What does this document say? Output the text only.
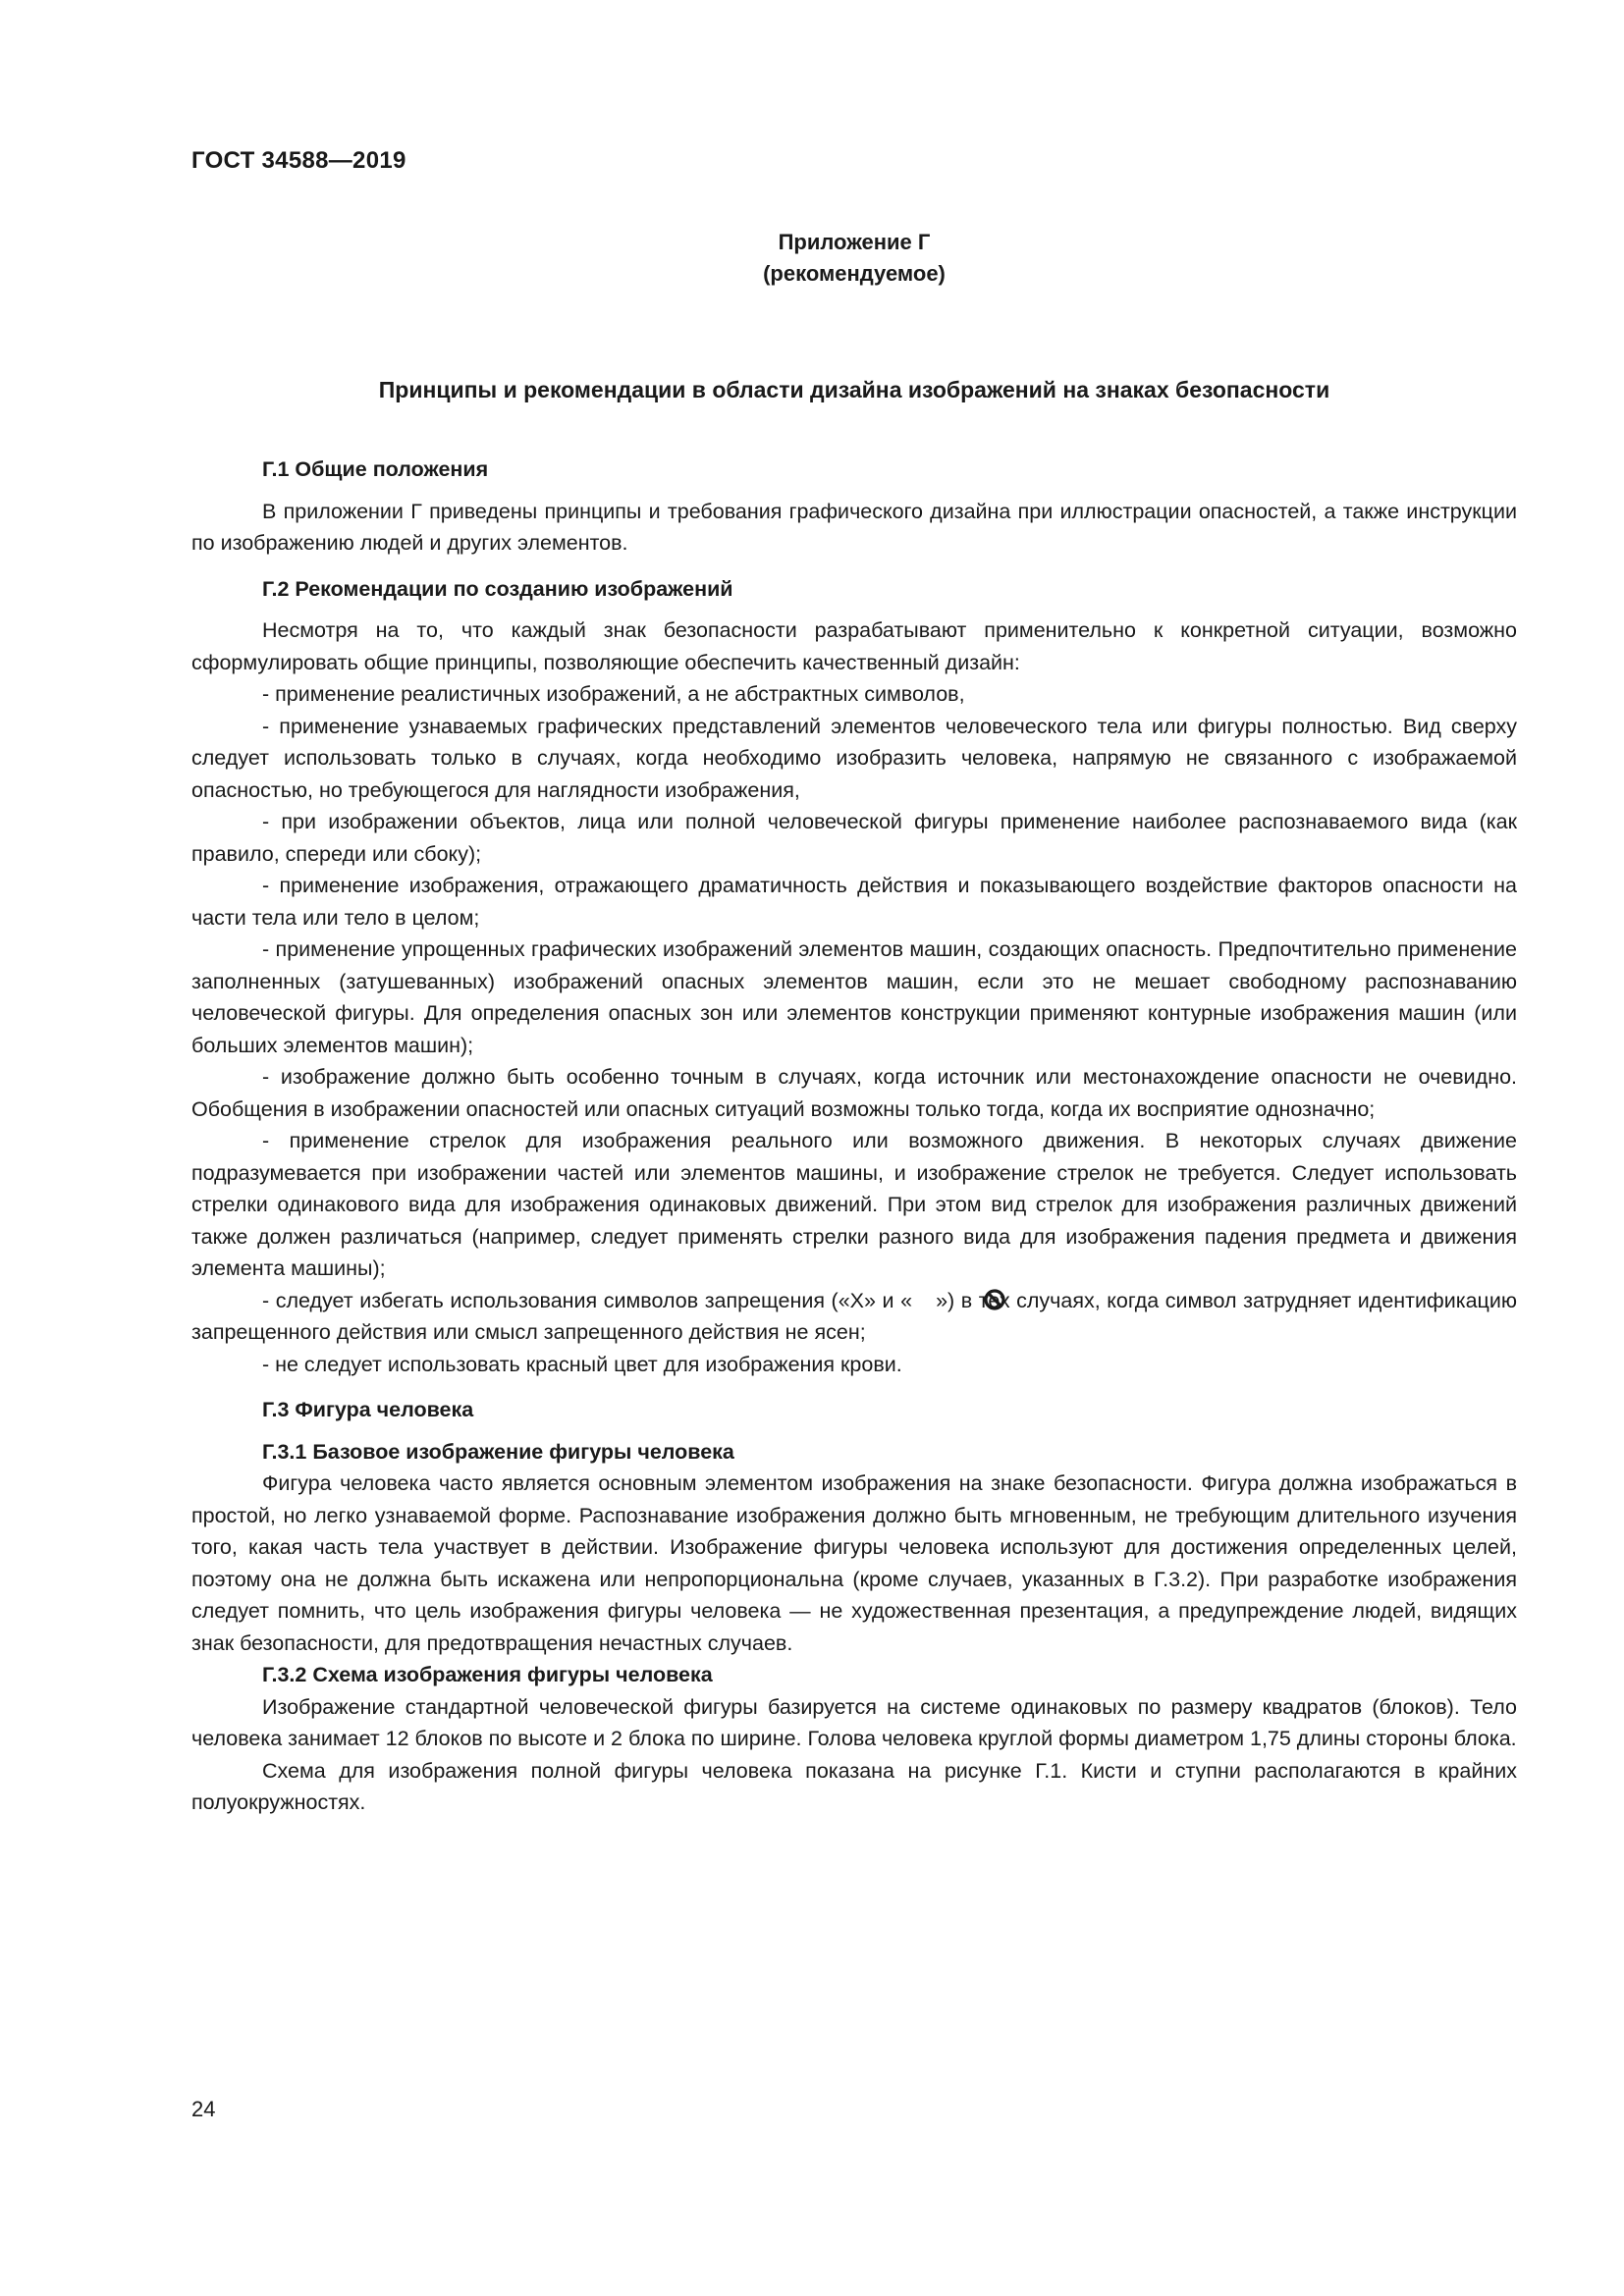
ГОСТ 34588—2019
Приложение Г
(рекомендуемое)
Принципы и рекомендации в области дизайна изображений на знаках безопасности

Г.1 Общие положения

В приложении Г приведены принципы и требования графического дизайна при иллюстрации опасностей, а также инструкции по изображению людей и других элементов.

Г.2 Рекомендации по созданию изображений

Несмотря на то, что каждый знак безопасности разрабатывают применительно к конкретной ситуации, возможно сформулировать общие принципы, позволяющие обеспечить качественный дизайн:

- применение реалистичных изображений, а не абстрактных символов,

- применение узнаваемых графических представлений элементов человеческого тела или фигуры полностью. Вид сверху следует использовать только в случаях, когда необходимо изобразить человека, напрямую не связанного с изображаемой опасностью, но требующегося для наглядности изображения,

- при изображении объектов, лица или полной человеческой фигуры применение наиболее распознаваемого вида (как правило, спереди или сбоку);

- применение изображения, отражающего драматичность действия и показывающего воздействие факторов опасности на части тела или тело в целом;

- применение упрощенных графических изображений элементов машин, создающих опасность. Предпочтительно применение заполненных (затушеванных) изображений опасных элементов машин, если это не мешает свободному распознаванию человеческой фигуры. Для определения опасных зон или элементов конструкции применяют контурные изображения машин (или больших элементов машин);

- изображение должно быть особенно точным в случаях, когда источник или местонахождение опасности не очевидно. Обобщения в изображении опасностей или опасных ситуаций возможны только тогда, когда их восприятие однозначно;

- применение стрелок для изображения реального или возможного движения. В некоторых случаях движение подразумевается при изображении частей или элементов машины, и изображение стрелок не требуется. Следует использовать стрелки одинакового вида для изображения одинаковых движений. При этом вид стрелок для изображения различных движений также должен различаться (например, следует применять стрелки разного вида для изображения падения предмета и движения элемента машины);

- следует избегать использования символов запрещения («X» и « ») в тех случаях, когда символ затрудняет идентификацию запрещенного действия или смысл запрещенного действия не ясен;

- не следует использовать красный цвет для изображения крови.

Г.3 Фигура человека

Г.3.1 Базовое изображение фигуры человека

Фигура человека часто является основным элементом изображения на знаке безопасности. Фигура должна изображаться в простой, но легко узнаваемой форме. Распознавание изображения должно быть мгновенным, не требующим длительного изучения того, какая часть тела участвует в действии. Изображение фигуры человека используют для достижения определенных целей, поэтому она не должна быть искажена или непропорциональна (кроме случаев, указанных в Г.3.2). При разработке изображения следует помнить, что цель изображения фигуры человека — не художественная презентация, а предупреждение людей, видящих знак безопасности, для предотвращения нечастных случаев.

Г.3.2 Схема изображения фигуры человека

Изображение стандартной человеческой фигуры базируется на системе одинаковых по размеру квадратов (блоков). Тело человека занимает 12 блоков по высоте и 2 блока по ширине. Голова человека круглой формы диаметром 1,75 длины стороны блока.

Схема для изображения полной фигуры человека показана на рисунке Г.1. Кисти и ступни располагаются в крайних полуокружностях.

24
